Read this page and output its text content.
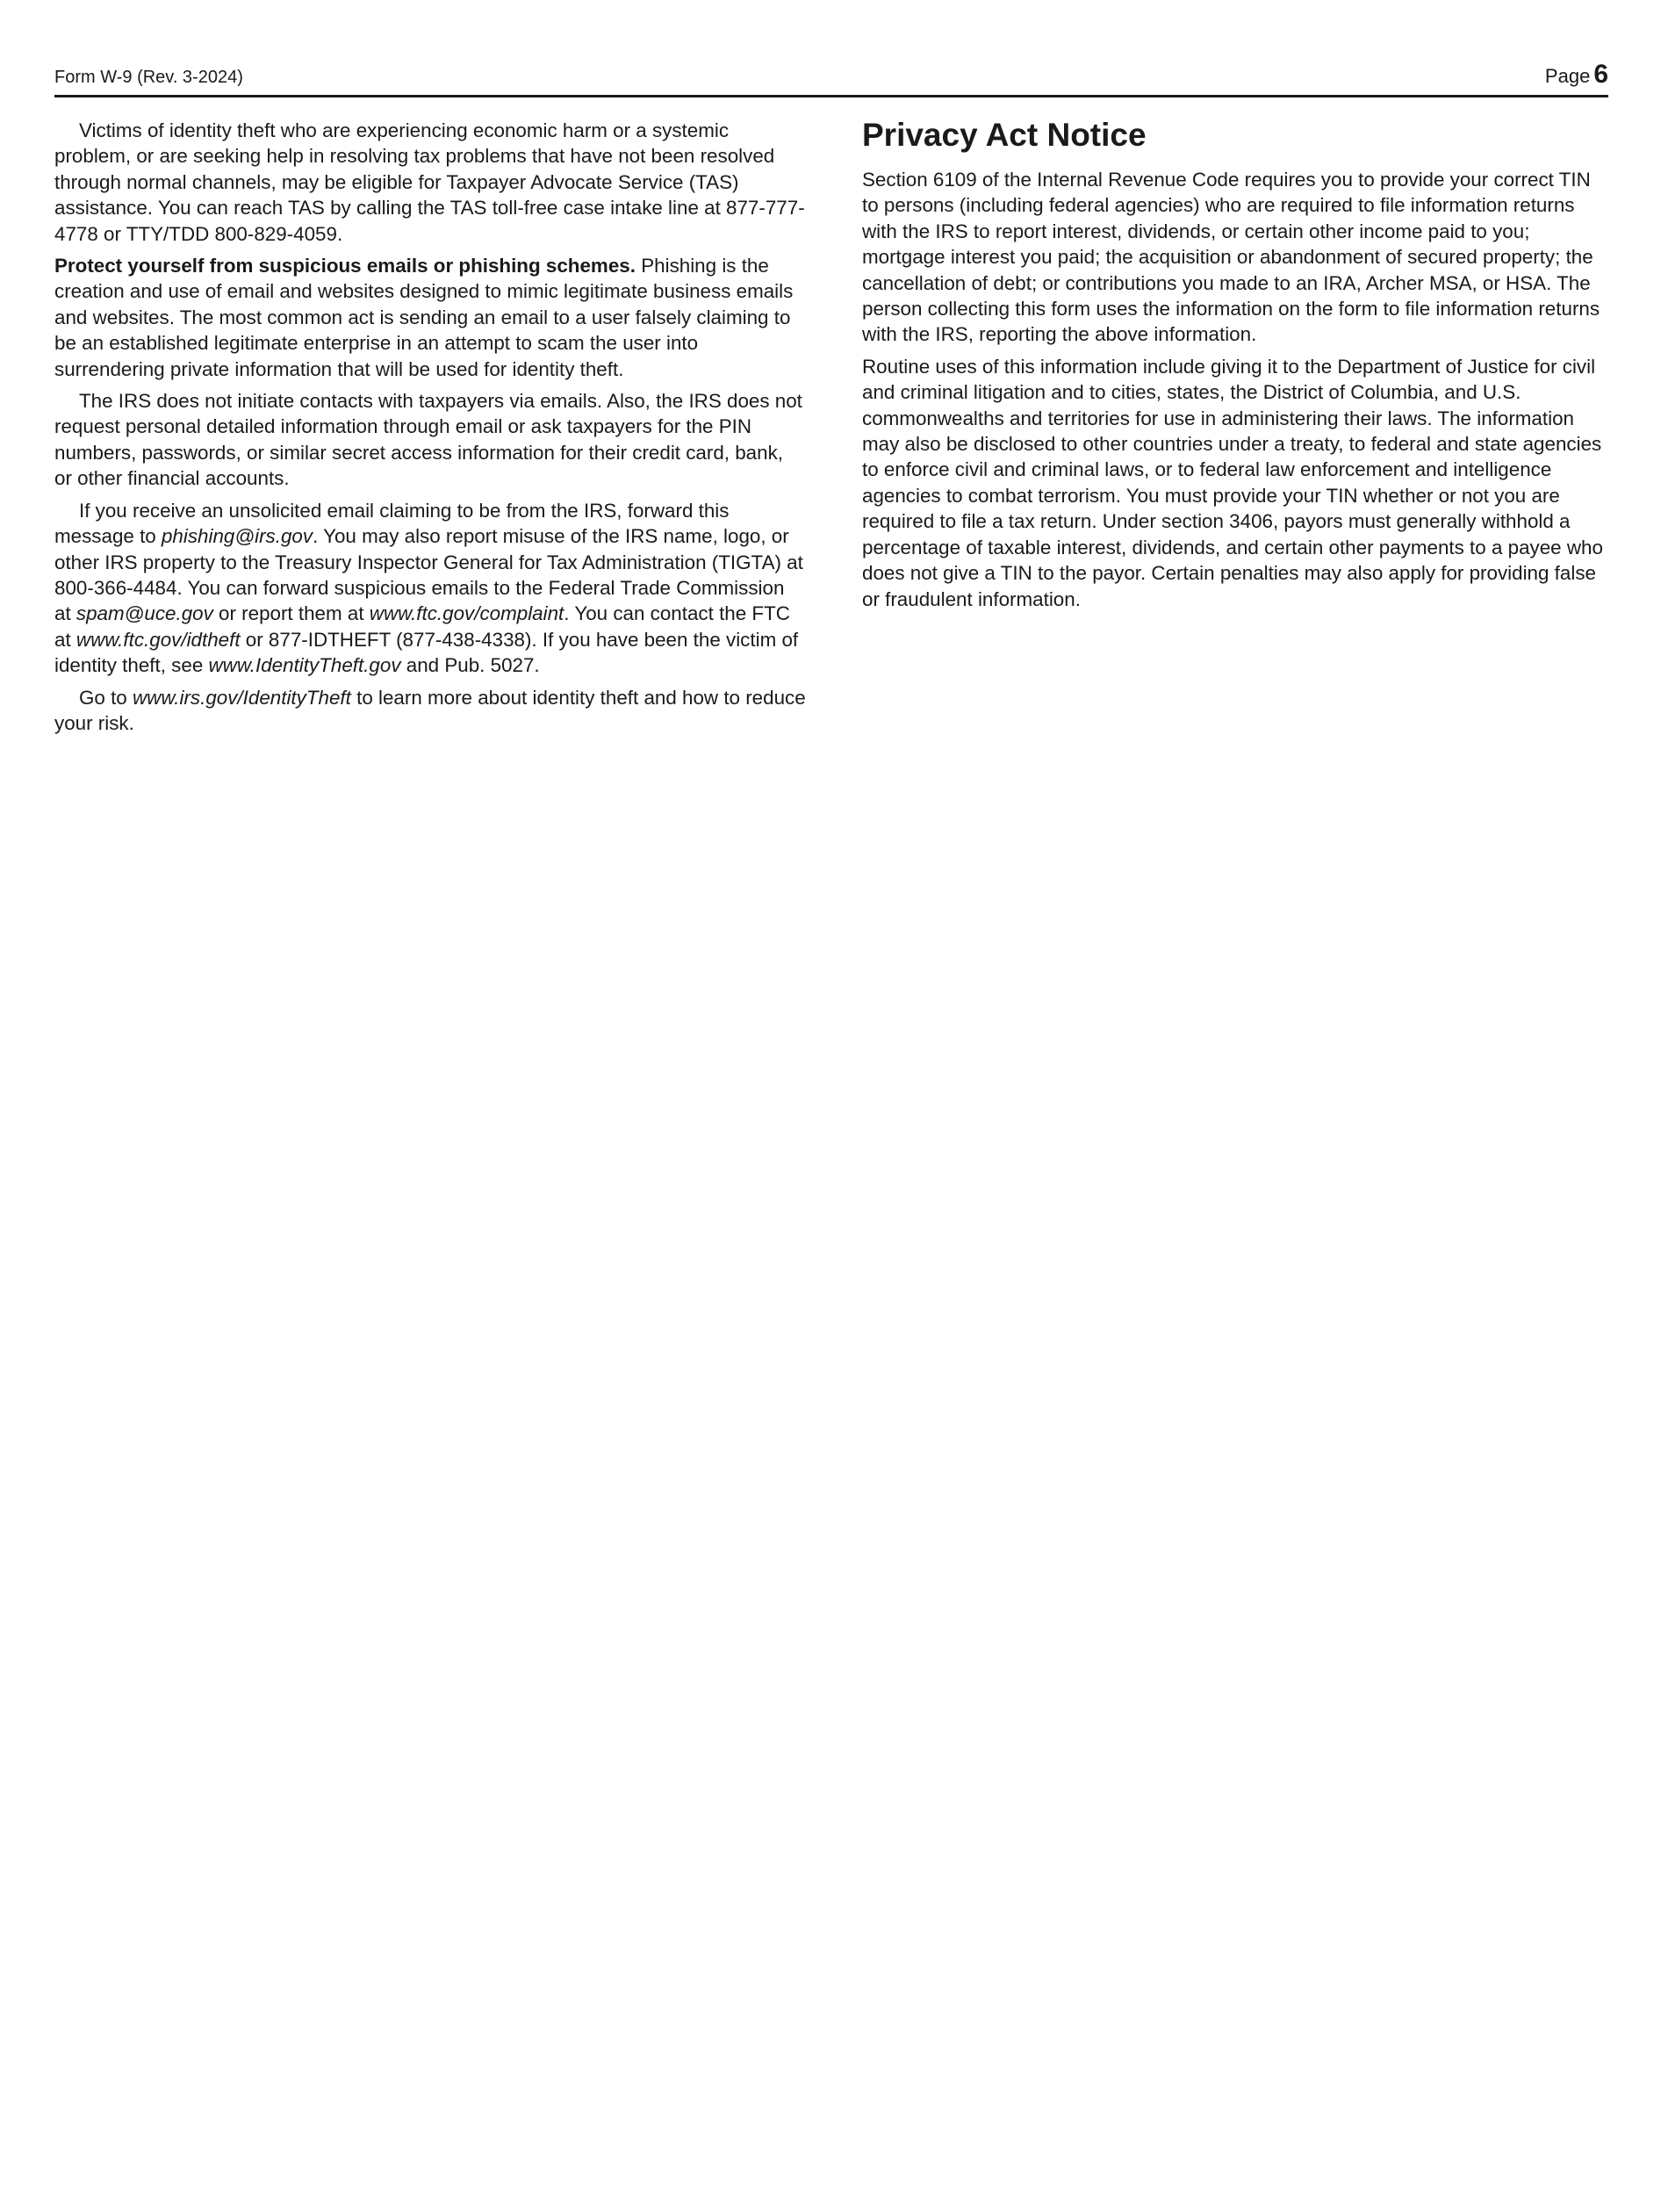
Form W-9 (Rev. 3-2024)	Page 6

Victims of identity theft who are experiencing economic harm or a systemic problem, or are seeking help in resolving tax problems that have not been resolved through normal channels, may be eligible for Taxpayer Advocate Service (TAS) assistance. You can reach TAS by calling the TAS toll-free case intake line at 877-777-4778 or TTY/TDD 800-829-4059.

Protect yourself from suspicious emails or phishing schemes. Phishing is the creation and use of email and websites designed to mimic legitimate business emails and websites. The most common act is sending an email to a user falsely claiming to be an established legitimate enterprise in an attempt to scam the user into surrendering private information that will be used for identity theft.

The IRS does not initiate contacts with taxpayers via emails. Also, the IRS does not request personal detailed information through email or ask taxpayers for the PIN numbers, passwords, or similar secret access information for their credit card, bank, or other financial accounts.

If you receive an unsolicited email claiming to be from the IRS, forward this message to phishing@irs.gov. You may also report misuse of the IRS name, logo, or other IRS property to the Treasury Inspector General for Tax Administration (TIGTA) at 800-366-4484. You can forward suspicious emails to the Federal Trade Commission at spam@uce.gov or report them at www.ftc.gov/complaint. You can contact the FTC at www.ftc.gov/idtheft or 877-IDTHEFT (877-438-4338). If you have been the victim of identity theft, see www.IdentityTheft.gov and Pub. 5027.

Go to www.irs.gov/IdentityTheft to learn more about identity theft and how to reduce your risk.

Privacy Act Notice

Section 6109 of the Internal Revenue Code requires you to provide your correct TIN to persons (including federal agencies) who are required to file information returns with the IRS to report interest, dividends, or certain other income paid to you; mortgage interest you paid; the acquisition or abandonment of secured property; the cancellation of debt; or contributions you made to an IRA, Archer MSA, or HSA. The person collecting this form uses the information on the form to file information returns with the IRS, reporting the above information.

Routine uses of this information include giving it to the Department of Justice for civil and criminal litigation and to cities, states, the District of Columbia, and U.S. commonwealths and territories for use in administering their laws. The information may also be disclosed to other countries under a treaty, to federal and state agencies to enforce civil and criminal laws, or to federal law enforcement and intelligence agencies to combat terrorism. You must provide your TIN whether or not you are required to file a tax return. Under section 3406, payors must generally withhold a percentage of taxable interest, dividends, and certain other payments to a payee who does not give a TIN to the payor. Certain penalties may also apply for providing false or fraudulent information.
